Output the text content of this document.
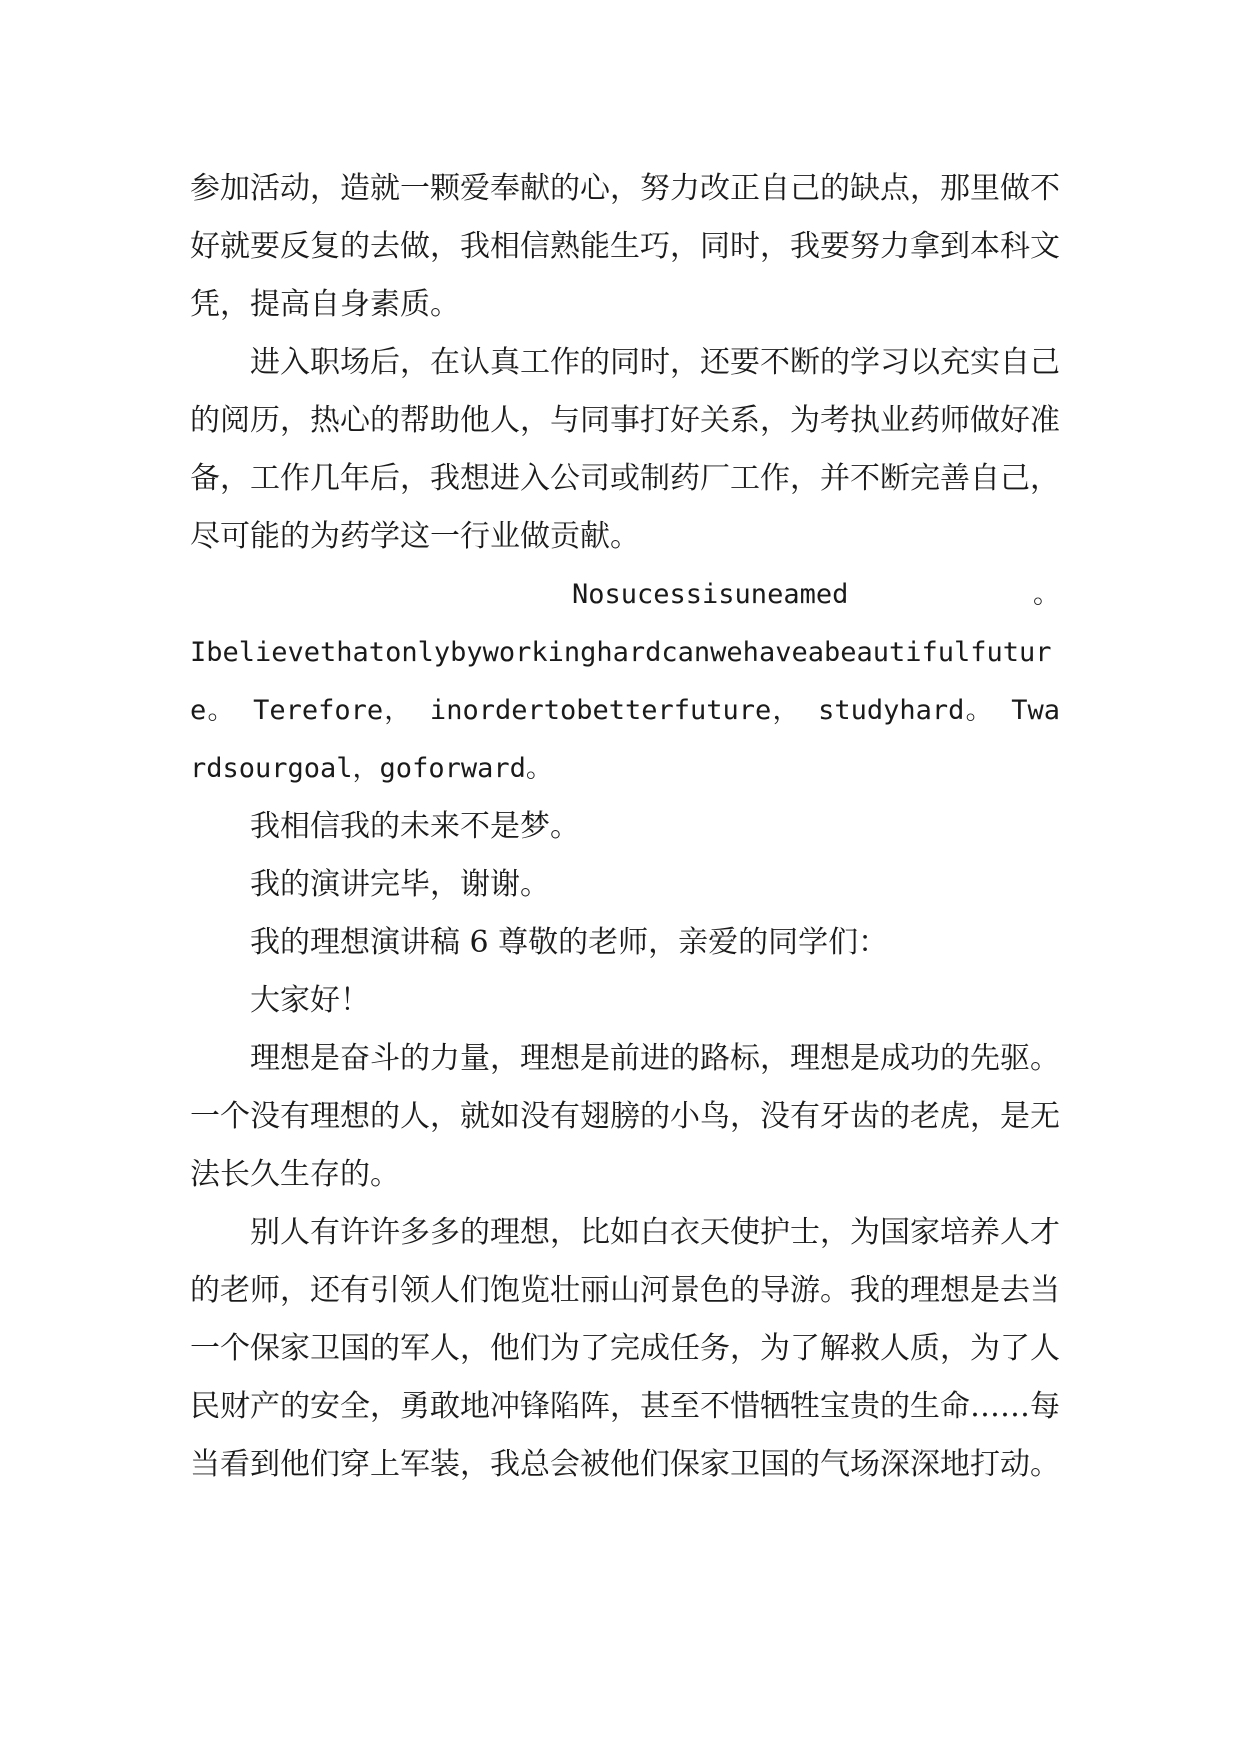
参加活动，造就一颗爱奉献的心，努力改正自己的缺点，那里做不好就要反复的去做，我相信熟能生巧，同时，我要努力拿到本科文凭，提高自身素质。

进入职场后，在认真工作的同时，还要不断的学习以充实自己的阅历，热心的帮助他人，与同事打好关系，为考执业药师做好准备，工作几年后，我想进入公司或制药厂工作，并不断完善自己，尽可能的为药学这一行业做贡献。

Nosucessisuneamed	。

Ibelievethatonlybyworkinghardcanwehaveabeautifulfuture。 Terefore， inordertobetterfuture， studyhard。 Twardsourgoal，goforward。

我相信我的未来不是梦。

我的演讲完毕，谢谢。

我的理想演讲稿 6 尊敬的老师，亲爱的同学们：

大家好！

理想是奋斗的力量，理想是前进的路标，理想是成功的先驱。一个没有理想的人，就如没有翅膀的小鸟，没有牙齿的老虎，是无法长久生存的。

别人有许许多多的理想，比如白衣天使护士，为国家培养人才的老师，还有引领人们饱览壮丽山河景色的导游。我的理想是去当一个保家卫国的军人，他们为了完成任务，为了解救人质，为了人民财产的安全，勇敢地冲锋陷阵，甚至不惜牺牲宝贵的生命……每当看到他们穿上军装，我总会被他们保家卫国的气场深深地打动。
